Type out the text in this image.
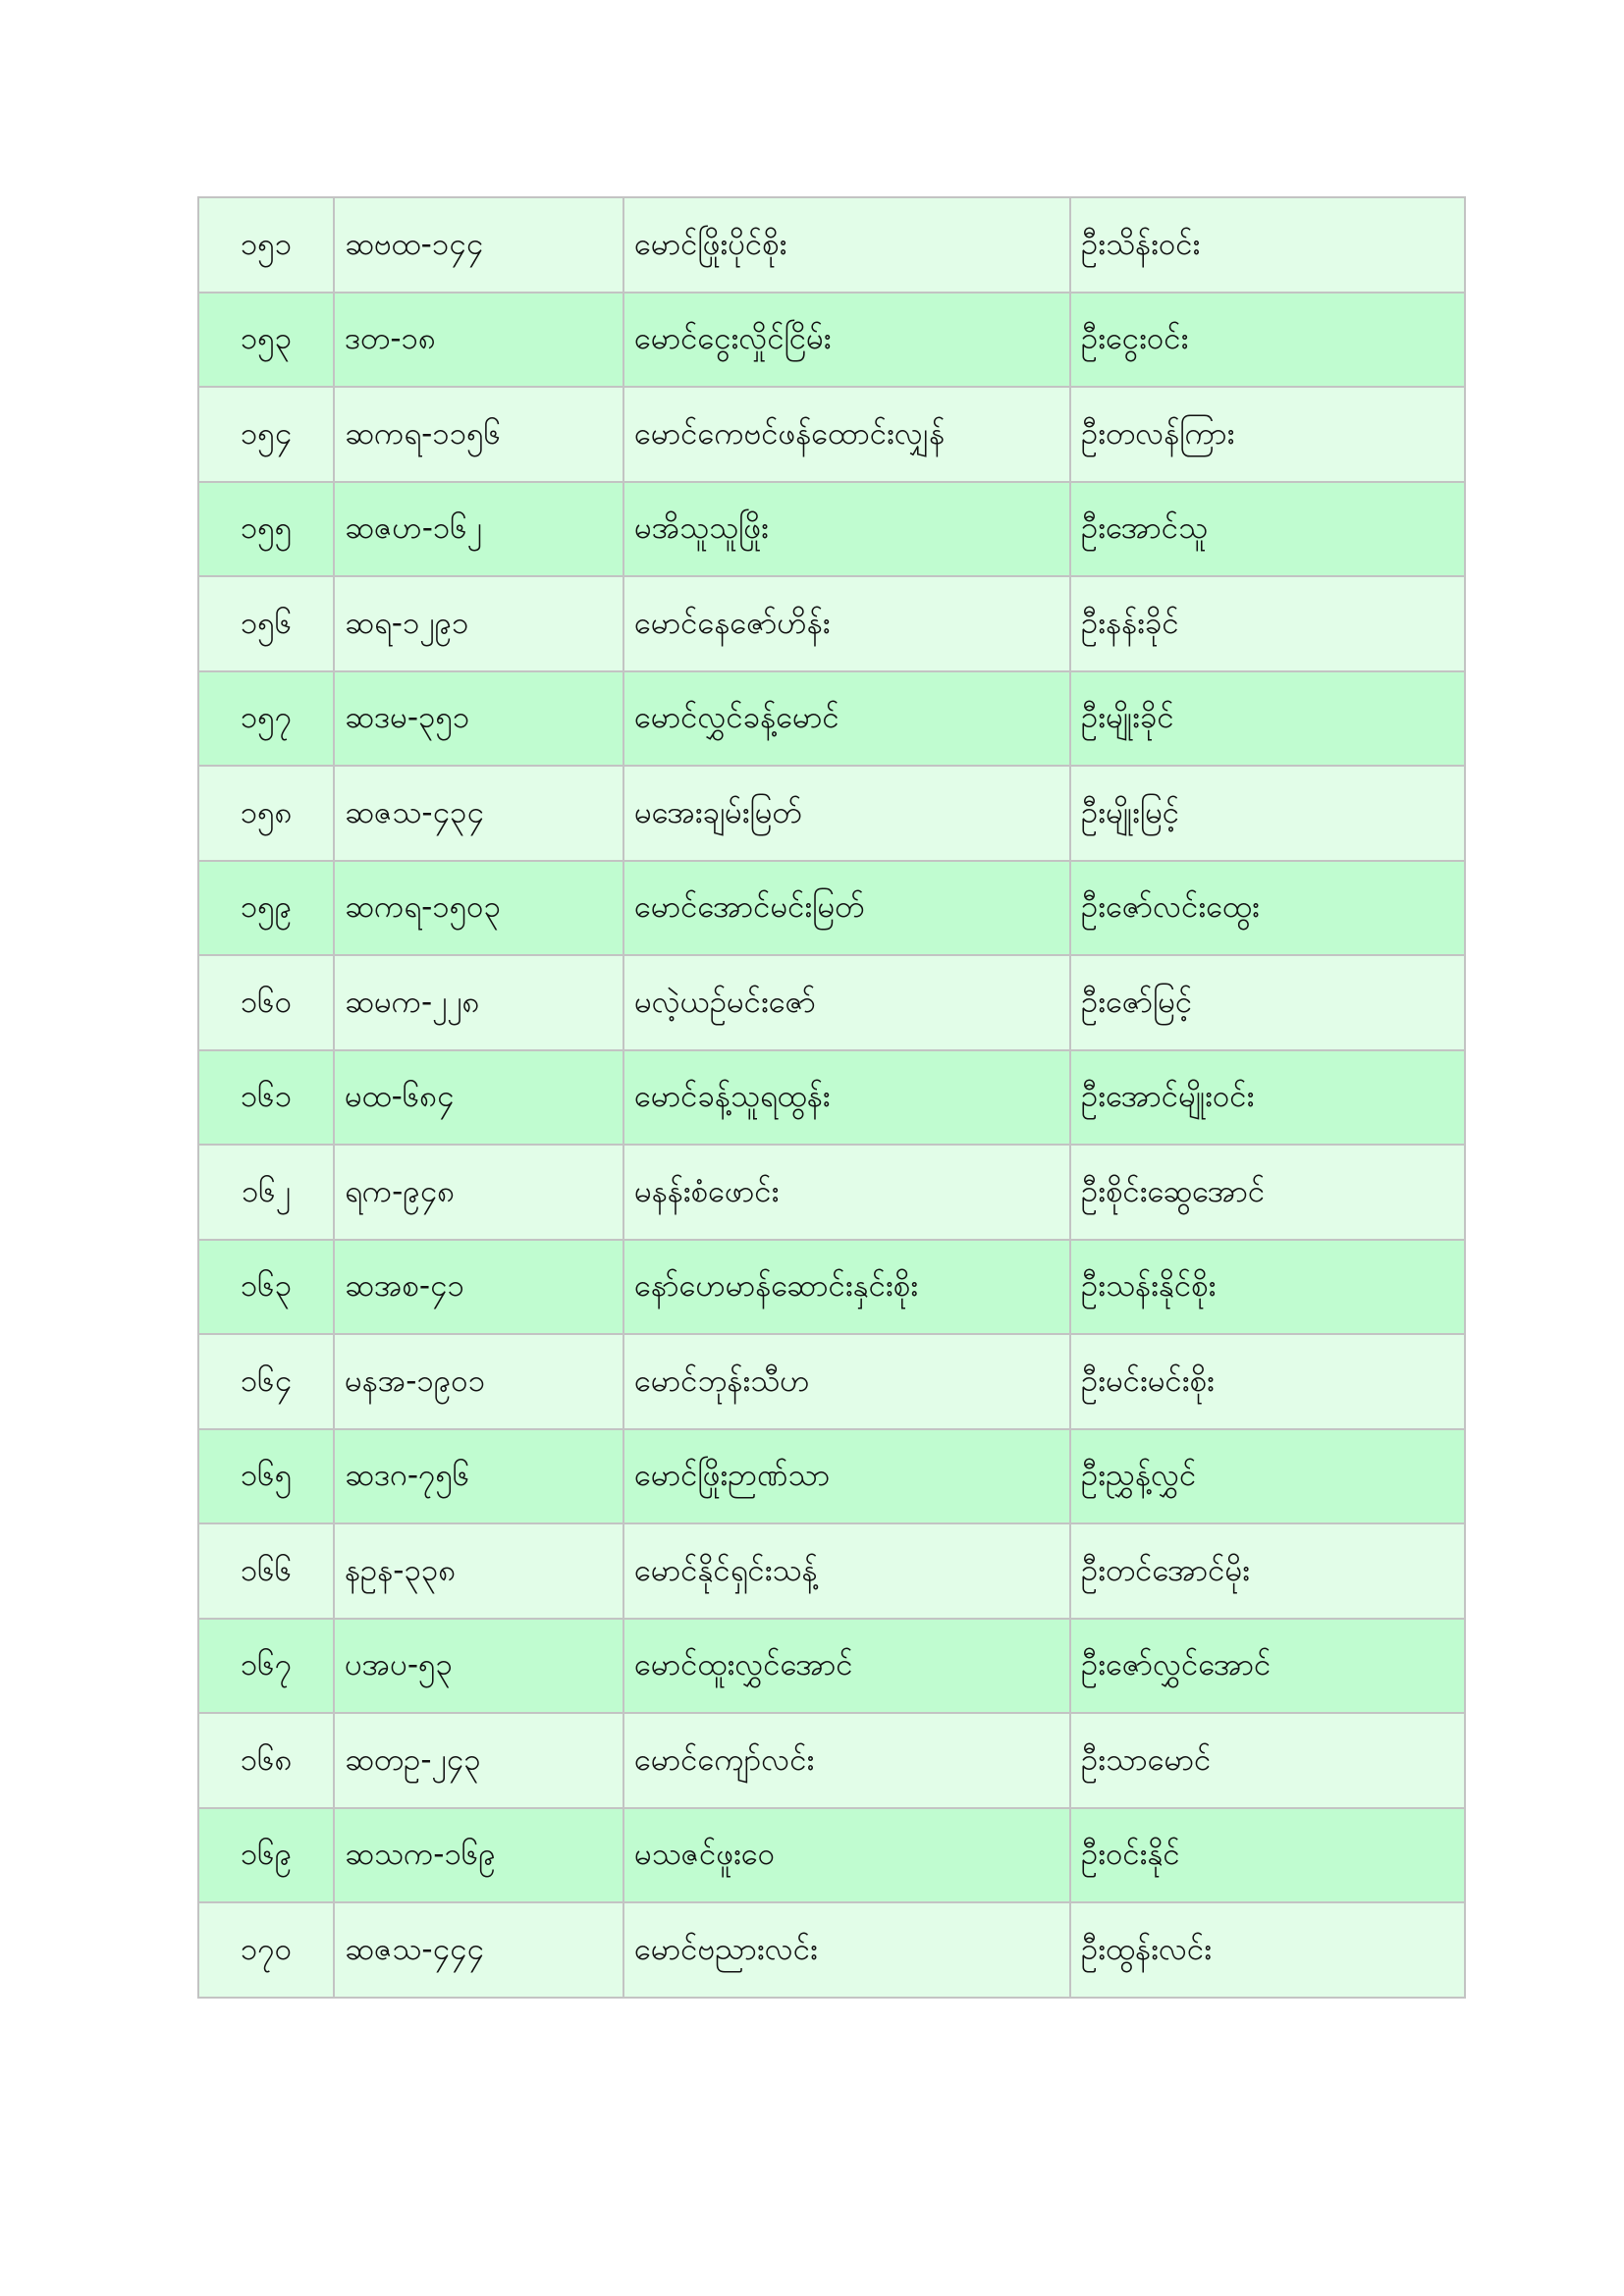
၁၅၁	ဆဗထ-၁၄၄	မောင်ဖြိုးပိုင်စိုး	ဦးသိန်းဝင်း
၁၅၃	ဒတ-၁၈	မောင်ငွေးလှိုင်ငြိမ်း	ဦးငွေးဝင်း
၁၅၄	ဆကရ-၁၁၅၆	မောင်ကေဗင်ဖန်ထောင်းလျှန်	ဦးတလန်ကြား
၁၅၅	ဆဇဟ-၁၆၂	မအိသူသူဖြိုး	ဦးအောင်သူ
၁၅၆	ဆရ-၁၂၉၁	မောင်နေဇော်ဟိန်း	ဦးနန်းခိုင်
၁၅၇	ဆဒမ-၃၅၁	မောင်လွှင်ခန့်မောင်	ဦးမျိုးခိုင်
၁၅၈	ဆဇသ-၄၃၄	မအေးချမ်းမြတ်	ဦးမျိုးမြင့်
၁၅၉	ဆကရ-၁၅၀၃	မောင်အောင်မင်းမြတ်	ဦးဇော်လင်းထွေး
၁၆၀	ဆမက-၂၂၈	မလဲ့ယဉ်မင်းဇော်	ဦးဇော်မြင့်
၁၆၁	မထ-၆၈၄	မောင်ခန့်သူရထွန်း	ဦးအောင်မျိုးဝင်း
၁၆၂	ရက-၉၄၈	မနန်းစံဖောင်း	ဦးစိုင်းဆွေအောင်
၁၆၃	ဆအစ-၄၁	နော်ဟေမာန်ဆောင်းနှင်းစိုး	ဦးသန်းနိုင်စိုး
၁၆၄	မနအ-၁၉၀၁	မောင်ဘုန်းသီဟ	ဦးမင်းမင်းစိုး
၁၆၅	ဆဒဂ-၇၅၆	မောင်ဖြိုးဉာဏ်သာ	ဦးညွှန့်လွှင်
၁၆၆	နဥန-၃၃၈	မောင်နိုင်ရှင်းသန့်	ဦးတင်အောင်မိုး
၁၆၇	ပအပ-၅၃	မောင်ထူးလွှင်အောင်	ဦးဇော်လွှင်အောင်
၁၆၈	ဆတဥ-၂၄၃	မောင်ကျော်လင်း	ဦးသာမောင်
၁၆၉	ဆသက-၁၆၉	မသဇင်ဖူးဝေ	ဦးဝင်းနိုင်
၁၇၀	ဆဇသ-၄၄၄	မောင်ဗညားလင်း	ဦးထွန်းလင်း
